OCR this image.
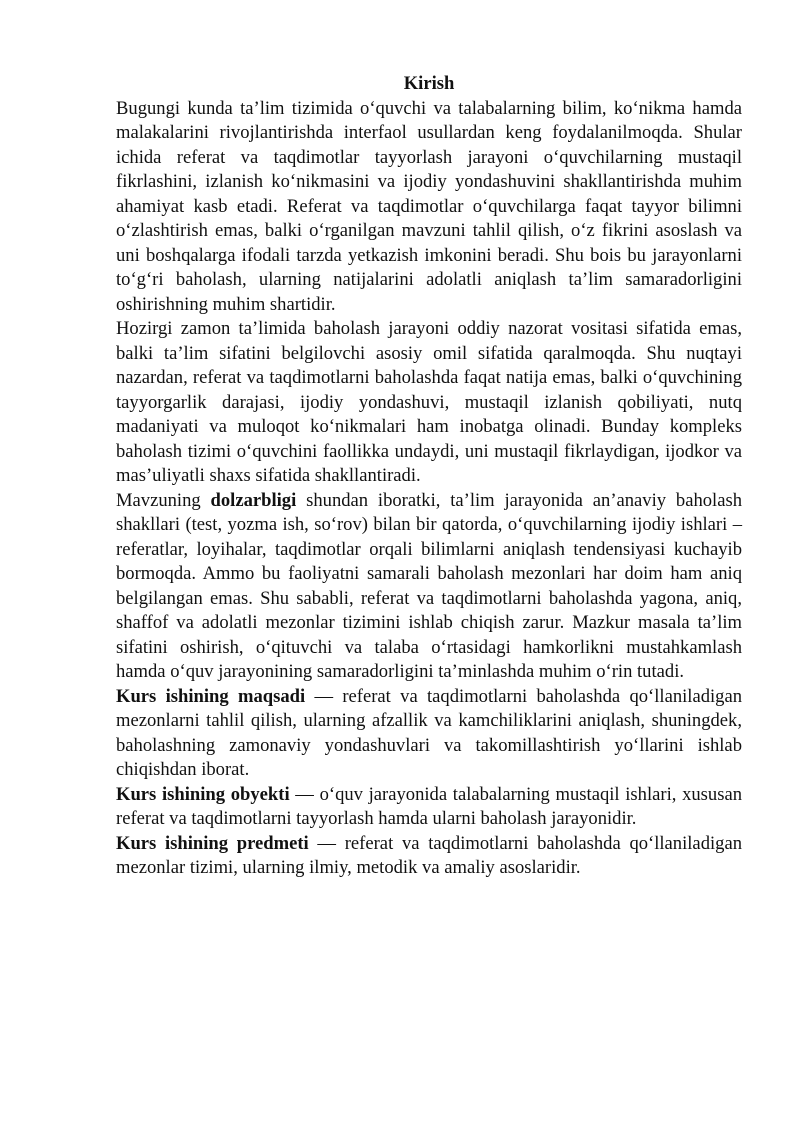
Kirish

Bugungi kunda ta’lim tizimida o‘quvchi va talabalarning bilim, ko‘nikma hamda malakalarini rivojlantirishda interfaol usullardan keng foydalanilmoqda. Shular ichida referat va taqdimotlar tayyorlash jarayoni o‘quvchilarning mustaqil fikrlashini, izlanish ko‘nikmasini va ijodiy yondashuvini shakllantirishda muhim ahamiyat kasb etadi. Referat va taqdimotlar o‘quvchilarga faqat tayyor bilimni o‘zlashtirish emas, balki o‘rganilgan mavzuni tahlil qilish, o‘z fikrini asoslash va uni boshqalarga ifodali tarzda yetkazish imkonini beradi. Shu bois bu jarayonlarni to‘g‘ri baholash, ularning natijalarini adolatli aniqlash ta’lim samaradorligini oshirishning muhim shartidir.

Hozirgi zamon ta’limida baholash jarayoni oddiy nazorat vositasi sifatida emas, balki ta’lim sifatini belgilovchi asosiy omil sifatida qaralmoqda. Shu nuqtayi nazardan, referat va taqdimotlarni baholashda faqat natija emas, balki o‘quvchining tayyorgarlik darajasi, ijodiy yondashuvi, mustaqil izlanish qobiliyati, nutq madaniyati va muloqot ko‘nikmalari ham inobatga olinadi. Bunday kompleks baholash tizimi o‘quvchini faollikka undaydi, uni mustaqil fikrlaydigan, ijodkor va mas’uliyatli shaxs sifatida shakllantiradi.

Mavzuning dolzarbligi shundan iboratki, ta’lim jarayonida an’anaviy baholash shakllari (test, yozma ish, so‘rov) bilan bir qatorda, o‘quvchilarning ijodiy ishlari – referatlar, loyihalar, taqdimotlar orqali bilimlarni aniqlash tendensiyasi kuchayib bormoqda. Ammo bu faoliyatni samarali baholash mezonlari har doim ham aniq belgilangan emas. Shu sababli, referat va taqdimotlarni baholashda yagona, aniq, shaffof va adolatli mezonlar tizimini ishlab chiqish zarur. Mazkur masala ta’lim sifatini oshirish, o‘qituvchi va talaba o‘rtasidagi hamkorlikni mustahkamlash hamda o‘quv jarayonining samaradorligini ta’minlashda muhim o‘rin tutadi.

Kurs ishining maqsadi — referat va taqdimotlarni baholashda qo‘llaniladigan mezonlarni tahlil qilish, ularning afzallik va kamchiliklarini aniqlash, shuningdek, baholashning zamonaviy yondashuvlari va takomillashtirish yo‘llarini ishlab chiqishdan iborat.

Kurs ishining obyekti — o‘quv jarayonida talabalarning mustaqil ishlari, xususan referat va taqdimotlarni tayyorlash hamda ularni baholash jarayonidir.

Kurs ishining predmeti — referat va taqdimotlarni baholashda qo‘llaniladigan mezonlar tizimi, ularning ilmiy, metodik va amaliy asoslaridir.
